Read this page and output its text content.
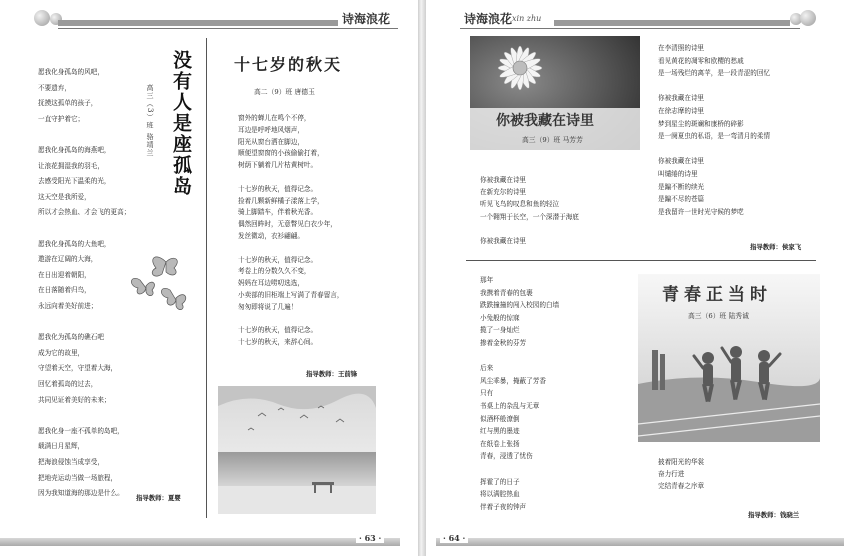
诗海浪花
愿我化身孤岛的风吧，
不要遗弃，
抚摸这孤单的孩子，
一直守护着它；
愿我化身孤岛的海燕吧，
让浪花拥湿我的羽毛，
去感受阳光下温柔的光，
这天空是我所爱，
所以才会热血、才会飞的更高；
愿我化身孤岛的大鱼吧，
遨游在辽阔的大海，
在日出迎着朝阳，
在日落随着归鸟，
永远向着美好前进；
愿我化为孤岛的礁石吧
成为它的故里，
守望着天空，守望着大海，
回忆着孤岛的过去，
共同见证着美好的未来；
愿我化身一座不孤单的岛吧，
载满日月星辉，
把海浪侵蚀当成享受，
把地壳运动当做一场旅程，
因为我知道海的那边是什么。
没有人是座孤岛
高三（3）班 骆靖兰
指导教师：夏婴
十七岁的秋天
高二（9）班 唐德玉
窗外的蝉儿在鸣个不停，
耳边是呼呼地风烟声，
阳光从窗台洒在脚边，
顺便望窗窗的小孩偷偷打着，
树荫下躺着几片枯黄树叶。
十七岁的秋天，值得记念。
捡着几颗新鲜橘子漾落上学，
骑上脚踏车，伴着秋光香。
偶然回眸时，无意瞥见白衣少年，
发丝微动，衣衫翩翩。
十七岁的秋天，值得记念。
考卷上的分数久久不变，
妈妈在耳边唠叨选选，
小卖部的旧柜端上写满了青春留言，
匆匆即将说了几遍！
十七岁的秋天，值得记念。
十七岁的秋天，来辞心间。
指导教师：王前锋
· 63 ·
诗海浪花 xin zhu
你被我藏在诗里
高三（9）班 马芳芳
你被我藏在诗里
在新充尔的诗里
听见飞鸟的叹息和鱼的轻泣
一个翱翔于长空，一个深潜于海底
你被我藏在诗里
在李清照的诗里
看见黄花的凋零和欧樱的愁戚
是一场残烂的离苹，是一段青涩的回忆
你被我藏在诗里
在徐志摩的诗里
梦到星尘的斑斓和康桥的碎影
是一阕夏虫的私语，是一弯清月的柔情
你被我藏在诗里
叫缱绻的诗里
是蹁不断的续光
是蹁不尽的苍篇
是我留许一世时光守候的梦呓
指导教师：侯家飞
青春正当时
高三（6）班 陆秀诚
那年
我携着青春的包裹
跌跌撞撞的闯入校园的白墙
小兔般的惊寐
揽了一身灿烂
掺着金秋的芬芳
后来
风尘乖暴，掩蔽了芳香
只有
书桌上的杂乱与无章
似酒杯般潦倒
红与黑的墨迹
在纸卷上张扬
青春，浸透了忧伤
挥霍了的日子
将以满腔热血
伴着子夜的钟声
披着阳光的华裳
奋力行进
完结青春之序章
指导教师：钱晓兰
· 64 ·
